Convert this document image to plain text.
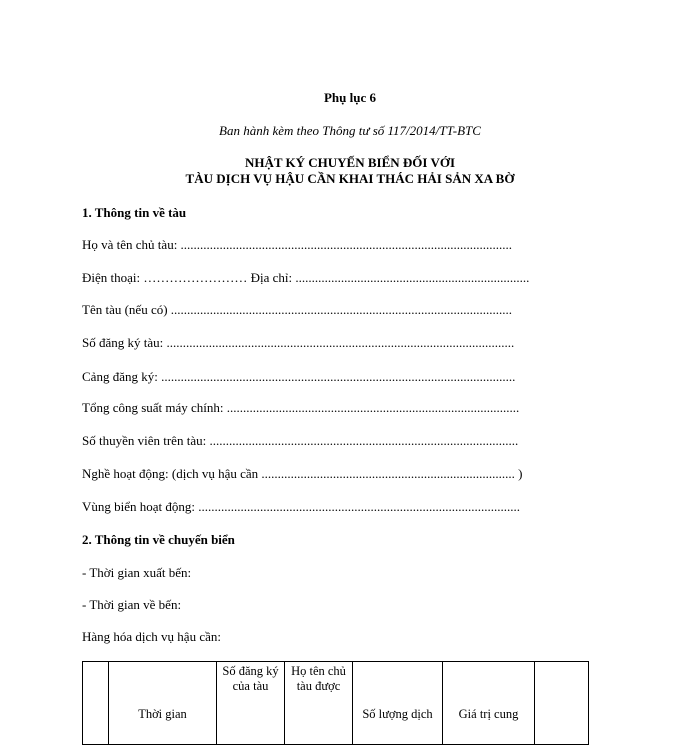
Phụ lục 6
Ban hành kèm theo Thông tư số 117/2014/TT-BTC
NHẬT KÝ CHUYẾN BIỂN ĐỐI VỚI
TÀU DỊCH VỤ HẬU CẦN KHAI THÁC HẢI SẢN XA BỜ
1. Thông tin về tàu
Họ và tên chủ tàu: ......................................................................................................
Điện thoại: …………………… Địa chỉ: ........................................................................
Tên tàu (nếu có) .........................................................................................................
Số đăng ký tàu: ...........................................................................................................
Cảng đăng ký: .............................................................................................................
Tổng công suất máy chính: ..........................................................................................
Số thuyền viên trên tàu: ...............................................................................................
Nghề hoạt động: (dịch vụ hậu cần .............................................................................. )
Vùng biển hoạt động: ...................................................................................................
2. Thông tin về chuyến biển
- Thời gian xuất bến:
- Thời gian về bến:
Hàng hóa dịch vụ hậu cần:
	Thời gian	Số đăng ký của tàu	Họ tên chủ tàu được	Số lượng dịch	Giá trị cung	
